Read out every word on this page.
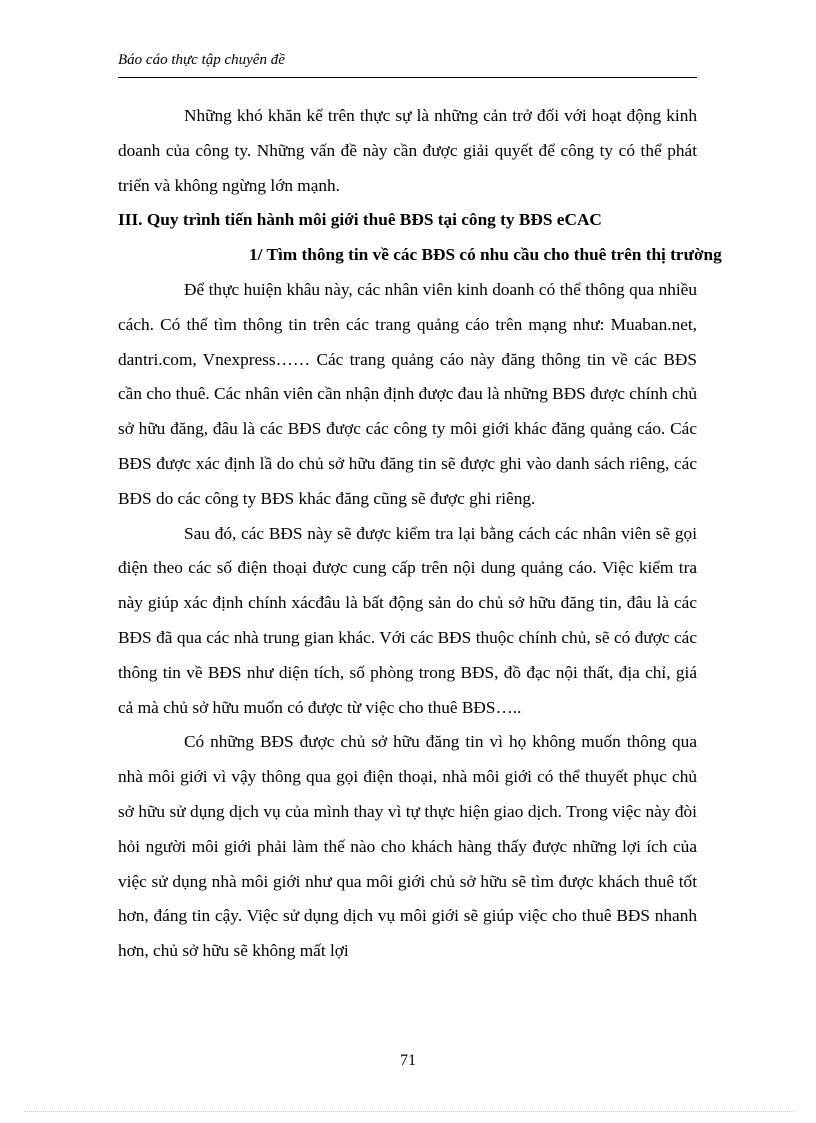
Báo cáo thực tập chuyên đề

Những khó khăn kể trên thực sự là những cản trở đối với hoạt động kinh doanh của công ty. Những vấn đề này cần được giải quyết để công ty có thể phát triển và không ngừng lớn mạnh.

III. Quy trình tiến hành môi giới thuê BĐS tại công ty BĐS eCAC

1/ Tìm thông tin về các BĐS có nhu cầu cho thuê trên thị trường

Để thực huiện khâu này, các nhân viên kinh doanh có thể thông qua nhiều cách. Có thể tìm thông tin trên các trang quảng cáo trên mạng như: Muaban.net, dantri.com, Vnexpress…… Các trang quảng cáo này đăng thông tin về các BĐS cần cho thuê. Các nhân viên cần nhận định được đau là những BĐS được chính chủ sở hữu đăng, đâu là các BĐS được các công ty môi giới khác đăng quảng cáo. Các BĐS được xác định lầ do chủ sở hữu đăng tin sẽ được ghi vào danh sách riêng, các BĐS do các công ty BĐS khác đăng cũng sẽ được ghi riêng.

Sau đó, các BĐS này sẽ được kiểm tra lại bằng cách các nhân viên sẽ gọi điện theo các số điện thoại được cung cấp trên nội dung quảng cáo. Việc kiểm tra này giúp xác định chính xácđâu là bất động sản do chủ sở hữu đăng tin, đâu là các BĐS đã qua các nhà trung gian khác. Với các BĐS thuộc chính chủ, sẽ có được các thông tin về BĐS như diện tích, số phòng trong BĐS, đồ đạc nội thất, địa chỉ, giá cả mà chủ sở hữu muốn có được từ việc cho thuê BĐS…..

Có những BĐS được chủ sở hữu đăng tin vì họ không muốn thông qua nhà môi giới vì vậy thông qua gọi điện thoại, nhà môi giới có thể thuyết phục chủ sở hữu sử dụng dịch vụ của mình thay vì tự thực hiện giao dịch. Trong việc này đòi hỏi người môi giới phải làm thế nào cho khách hàng thấy được những lợi ích của việc sử dụng nhà môi giới như qua môi giới chủ sở hữu sẽ tìm được khách thuê tốt hơn, đáng tin cậy. Việc sử dụng dịch vụ môi giới sẽ giúp việc cho thuê BĐS nhanh hơn, chủ sở hữu sẽ không mất lợi

71
